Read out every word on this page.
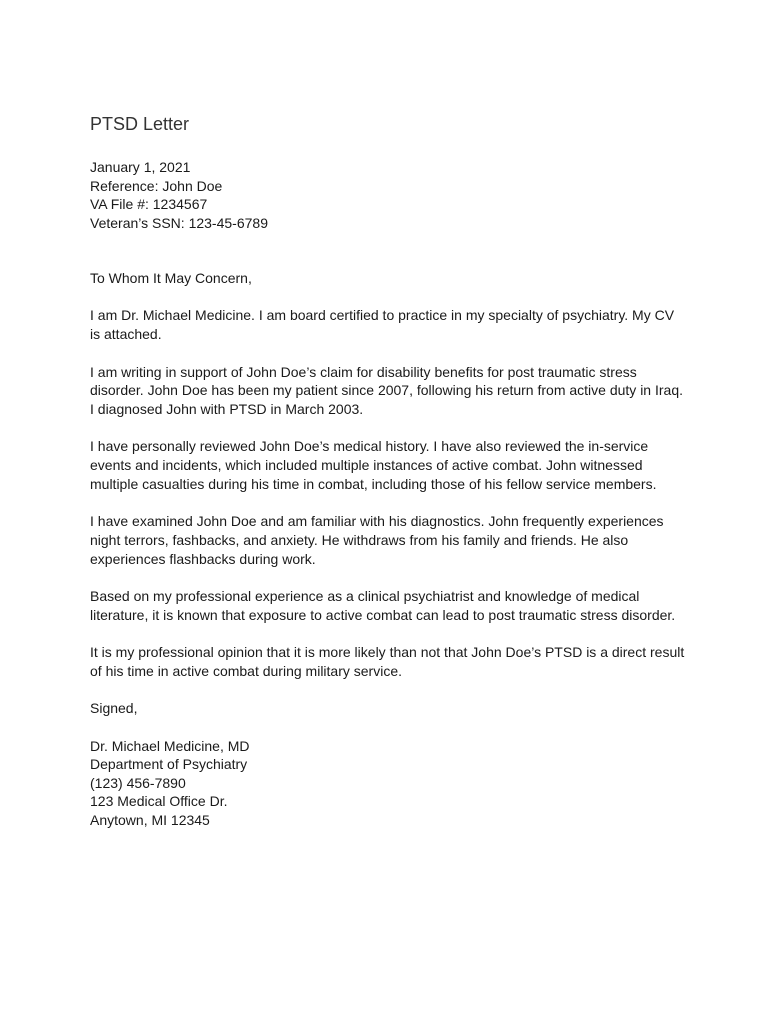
PTSD Letter
January 1, 2021
Reference: John Doe
VA File #: 1234567
Veteran’s SSN: 123-45-6789
To Whom It May Concern,
I am Dr. Michael Medicine. I am board certified to practice in my specialty of psychiatry. My CV
is attached.
I am writing in support of John Doe’s claim for disability benefits for post traumatic stress
disorder. John Doe has been my patient since 2007, following his return from active duty in Iraq.
I diagnosed John with PTSD in March 2003.
I have personally reviewed John Doe’s medical history. I have also reviewed the in-service
events and incidents, which included multiple instances of active combat. John witnessed
multiple casualties during his time in combat, including those of his fellow service members.
I have examined John Doe and am familiar with his diagnostics. John frequently experiences
night terrors, fashbacks, and anxiety. He withdraws from his family and friends. He also
experiences flashbacks during work.
Based on my professional experience as a clinical psychiatrist and knowledge of medical
literature, it is known that exposure to active combat can lead to post traumatic stress disorder.
It is my professional opinion that it is more likely than not that John Doe’s PTSD is a direct result
of his time in active combat during military service.
Signed,
Dr. Michael Medicine, MD
Department of Psychiatry
(123) 456-7890
123 Medical Office Dr.
Anytown, MI 12345
